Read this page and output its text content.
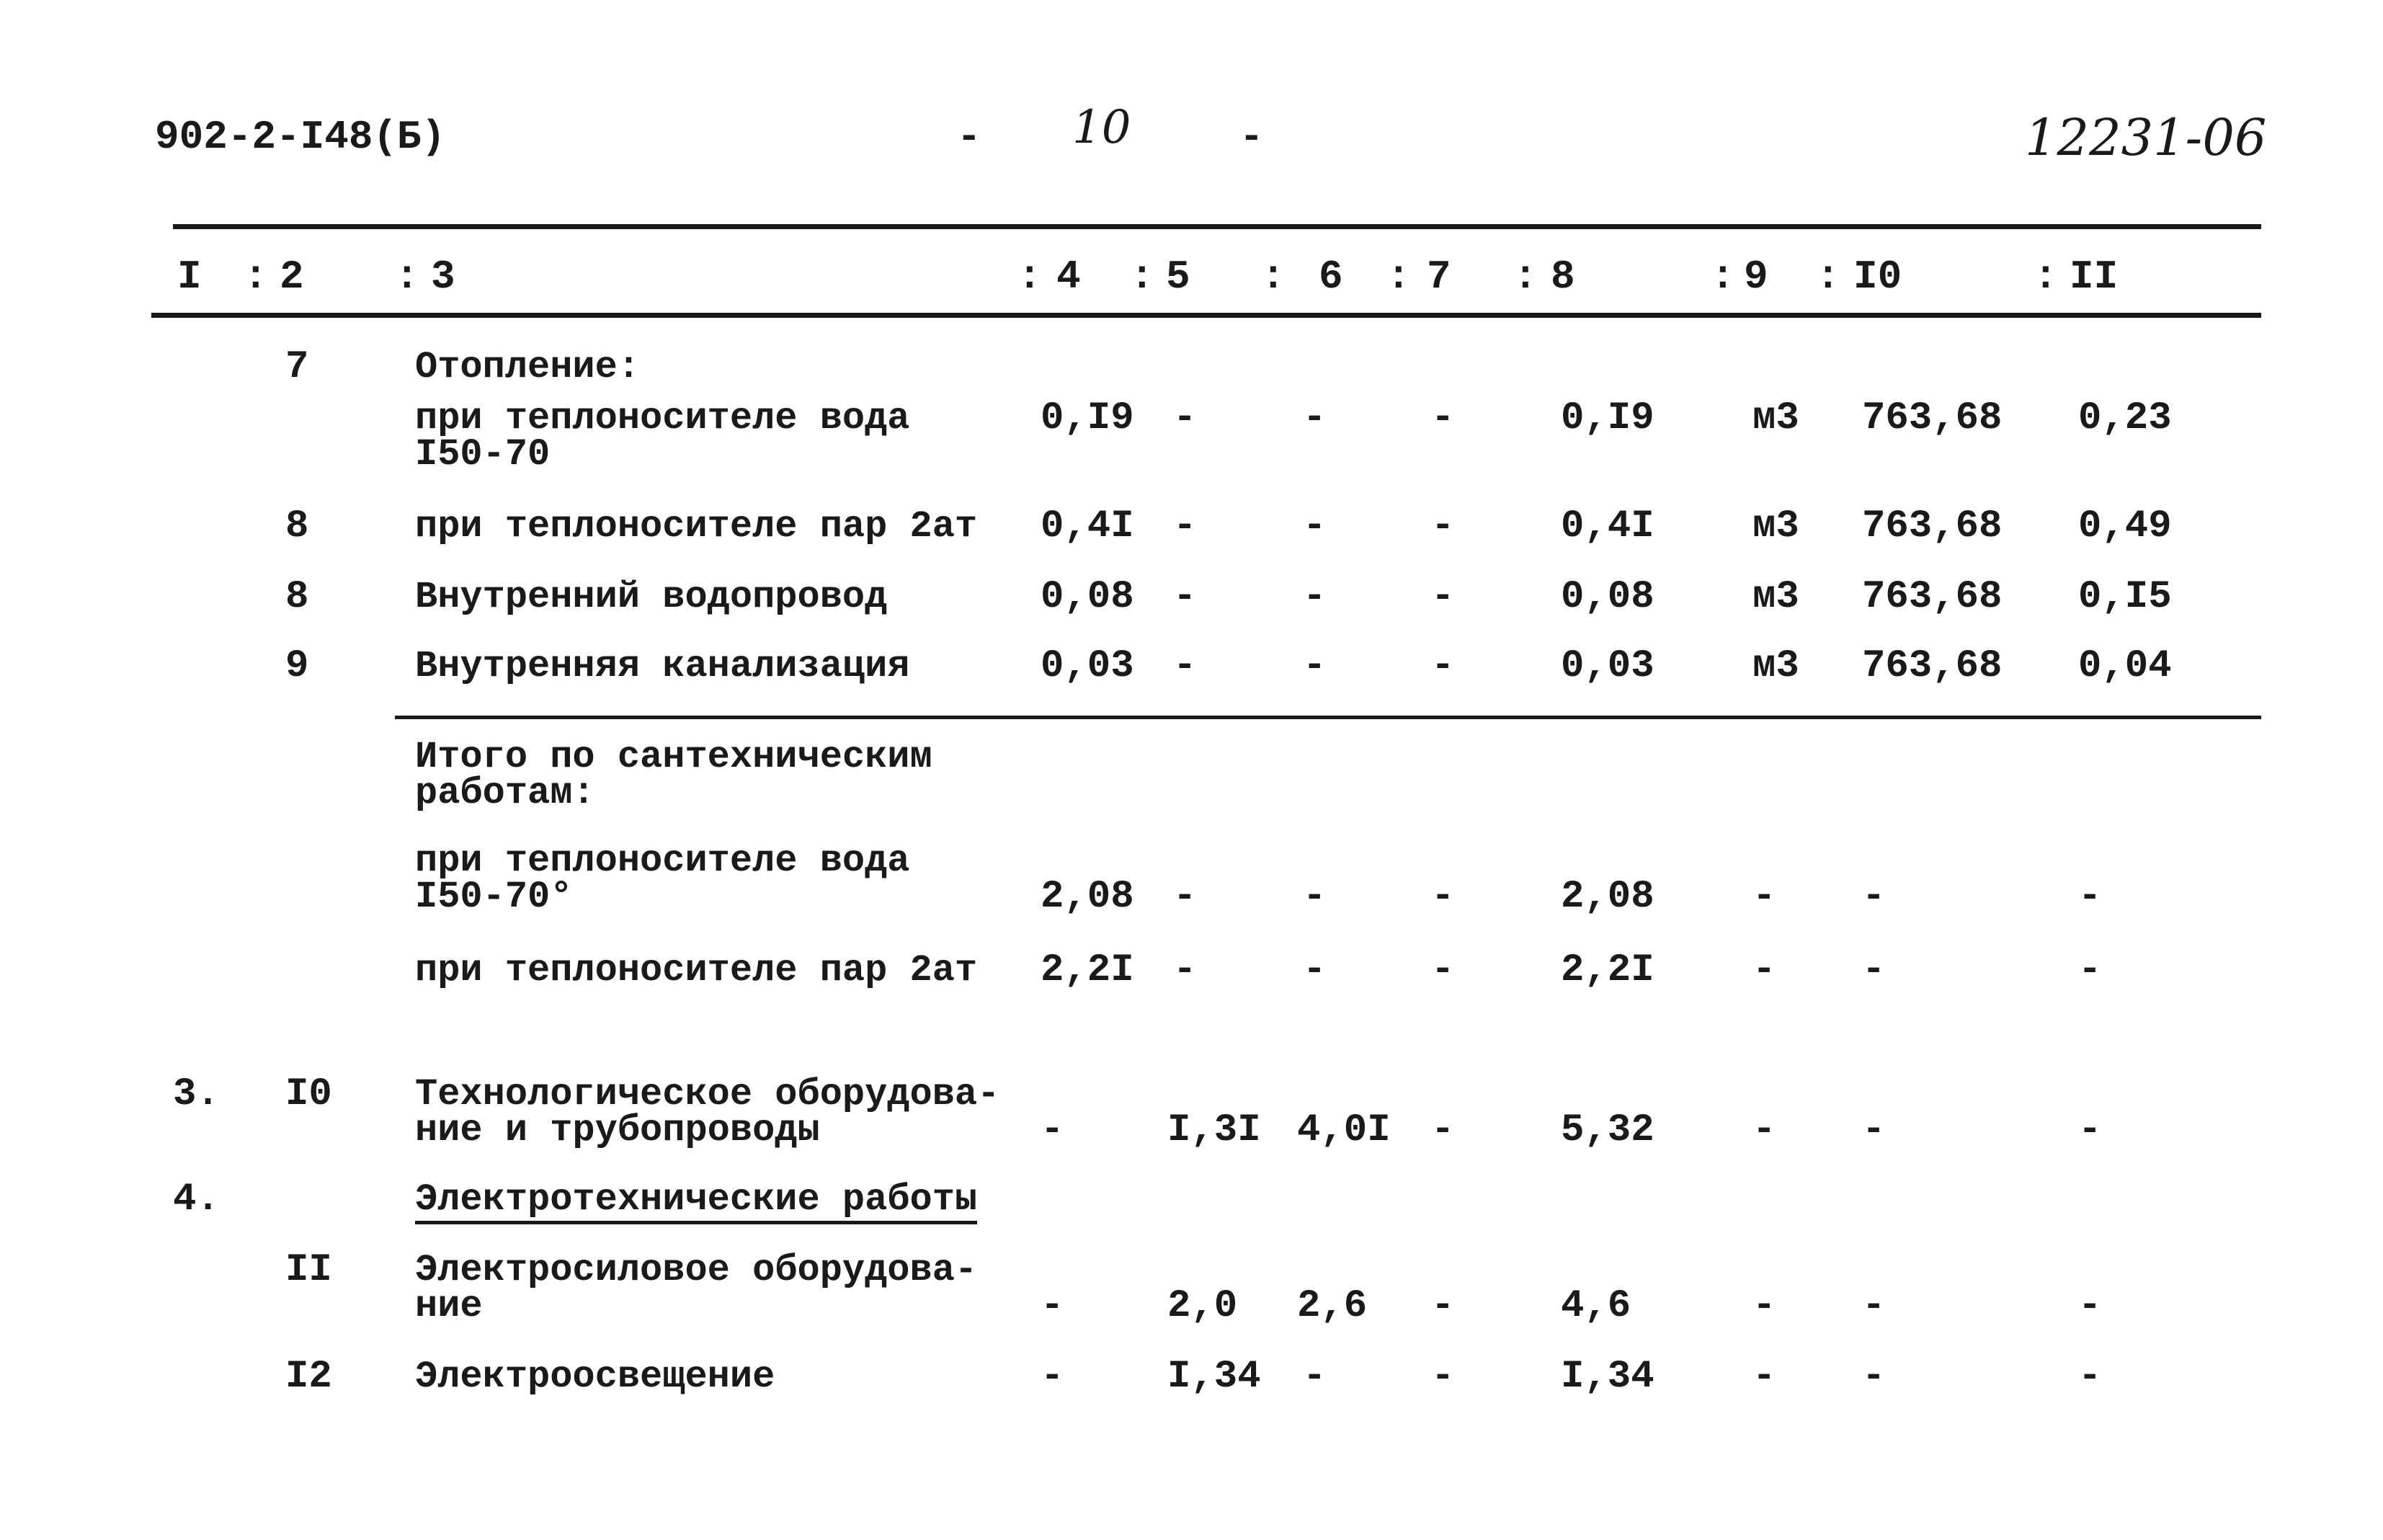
902-2-I48(Б)	- 10	-	12231-06
I : 2 : 3	: 4 : 5 : 6 : 7 : 8	: 9 : I0	: II
7	Отопление:
при теплоносителе вода
I50-70
0,I9 -	-	-	0,I9	м3 763,68 0,23
8	при теплоносителе пар 2ат 0,4I -	-	-	0,4I	м3 763,68 0,49
8	Внутренний водопровод	0,08 -	-	-	0,08	м3 763,68 0,I5
9	Внутренняя канализация	0,03 -	-	-	0,03	м3 763,68 0,04
Итого по сантехническим
работам:
при теплоносителе вода
I50-70°	2,08 -	-	-	2,08	- -	-
при теплоносителе пар 2ат 2,2I -	-	-	2,2I	- -	-
3. I0 Технологическое оборудова-
ние и трубопроводы	-	I,3I 4,0I -	5,32	- -	-
4.	Электротехнические работы
II Электросиловое оборудова-
ние	-	2,0 2,6 -	4,6	- -	-
I2 Электроосвещение	-	I,34 -	-	I,34	- -	-
